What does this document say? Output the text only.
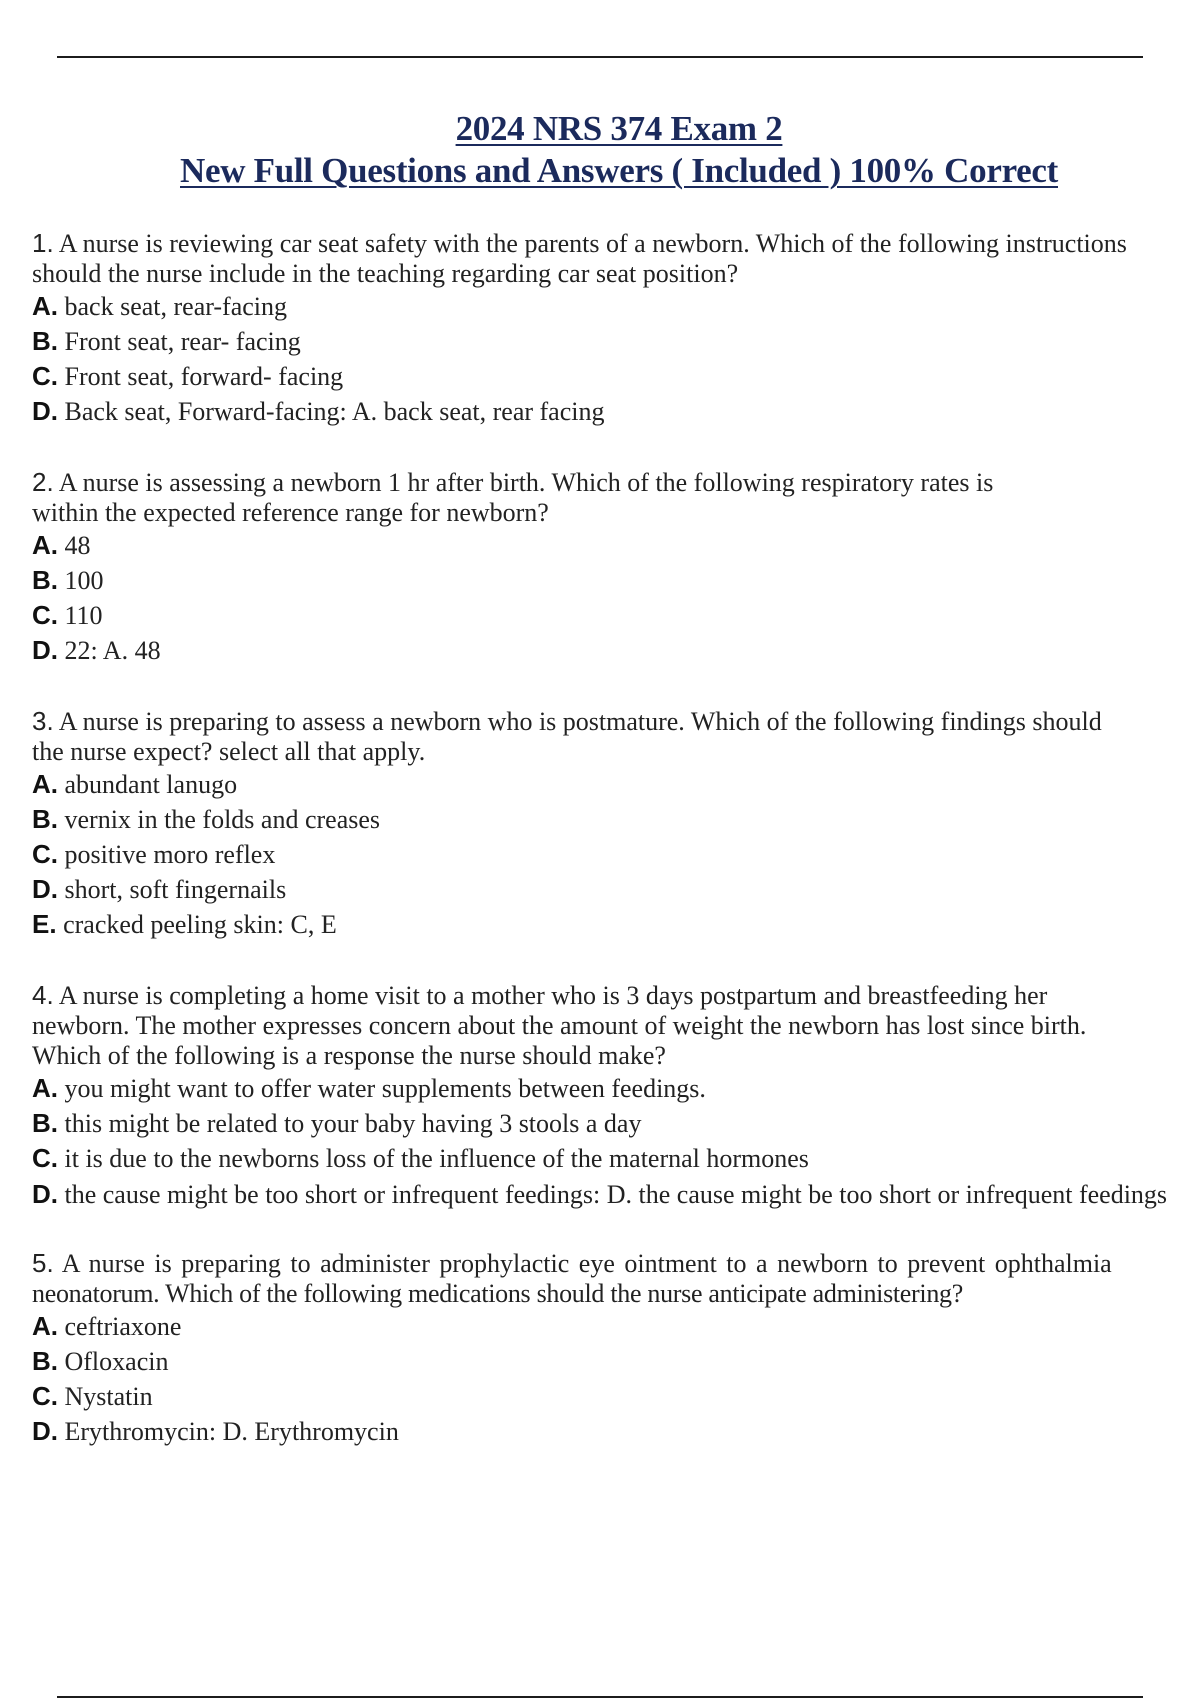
2024 NRS 374 Exam 2
New Full Questions and Answers ( Included ) 100% Correct

1. A nurse is reviewing car seat safety with the parents of a newborn. Which of the following instructions

should the nurse include in the teaching regarding car seat position?

A. back seat, rear-facing

B. Front seat, rear- facing

C. Front seat, forward- facing

D. Back seat, Forward-facing: A. back seat, rear facing

2. A nurse is assessing a newborn 1 hr after birth. Which of the following respiratory rates is

within the expected reference range for newborn?

A. 48

B. 100

C. 110

D. 22: A. 48

3. A nurse is preparing to assess a newborn who is postmature. Which of the following findings should

the nurse expect? select all that apply.

A. abundant lanugo

B. vernix in the folds and creases

C. positive moro reflex

D. short, soft fingernails

E. cracked peeling skin: C, E

4. A nurse is completing a home visit to a mother who is 3 days postpartum and breastfeeding her

newborn. The mother expresses concern about the amount of weight the newborn has lost since birth.

Which of the following is a response the nurse should make?

A. you might want to offer water supplements between feedings.

B. this might be related to your baby having 3 stools a day

C. it is due to the newborns loss of the influence of the maternal hormones

D. the cause might be too short or infrequent feedings: D. the cause might be too short or infrequent feedings

5. A nurse is preparing to administer prophylactic eye ointment to a newborn to prevent ophthalmia

neonatorum. Which of the following medications should the nurse anticipate administering?

A. ceftriaxone

B. Ofloxacin

C. Nystatin

D. Erythromycin: D. Erythromycin
